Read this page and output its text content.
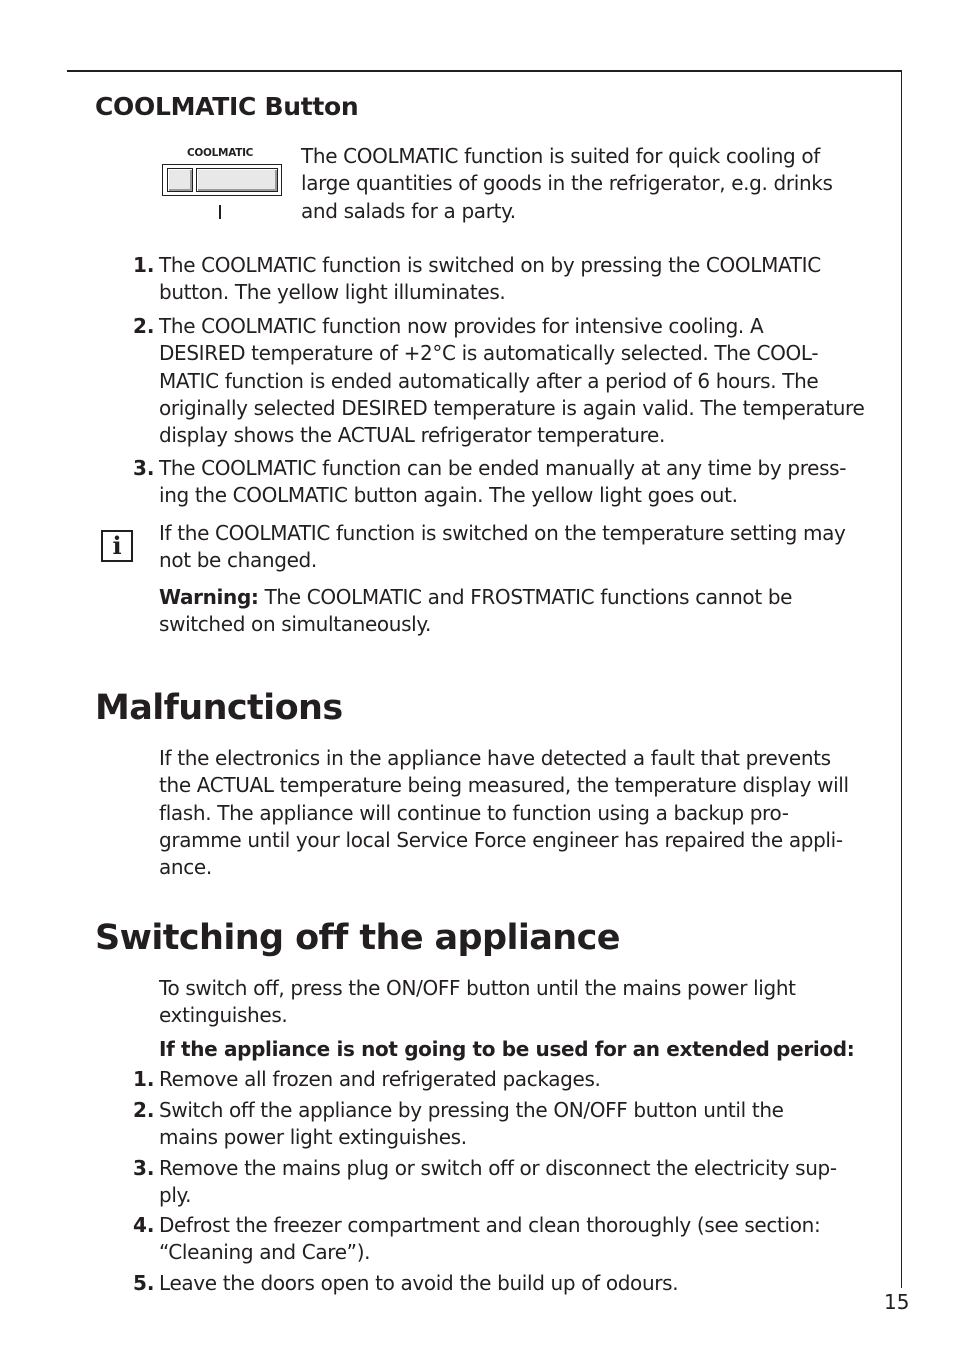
COOLMATIC Button
COOLMATIC The COOLMATIC function is suited for quick cooling of
large quantities of goods in the refrigerator, e.g. drinks
and salads for a party.
1. The COOLMATIC function is switched on by pressing the COOLMATIC
button. The yellow light illuminates.
2. The COOLMATIC function now provides for intensive cooling. A
DESIRED temperature of +2°C is automatically selected. The COOL-
MATIC function is ended automatically after a period of 6 hours. The
originally selected DESIRED temperature is again valid. The temperature
display shows the ACTUAL refrigerator temperature.
3. The COOLMATIC function can be ended manually at any time by press-
ing the COOLMATIC button again. The yellow light goes out.
i	If the COOLMATIC function is switched on the temperature setting may
not be changed.
Warning: The COOLMATIC and FROSTMATIC functions cannot be
switched on simultaneously.
Malfunctions
If the electronics in the appliance have detected a fault that prevents
the ACTUAL temperature being measured, the temperature display will
flash. The appliance will continue to function using a backup pro-
gramme until your local Service Force engineer has repaired the appli-
ance.
Switching off the appliance
To switch off, press the ON/OFF button until the mains power light
extinguishes.
If the appliance is not going to be used for an extended period:
1. Remove all frozen and refrigerated packages.
2. Switch off the appliance by pressing the ON/OFF button until the
mains power light extinguishes.
3. Remove the mains plug or switch off or disconnect the electricity sup-
ply.
4. Defrost the freezer compartment and clean thoroughly (see section:
“Cleaning and Care”).
5. Leave the doors open to avoid the build up of odours.
15
